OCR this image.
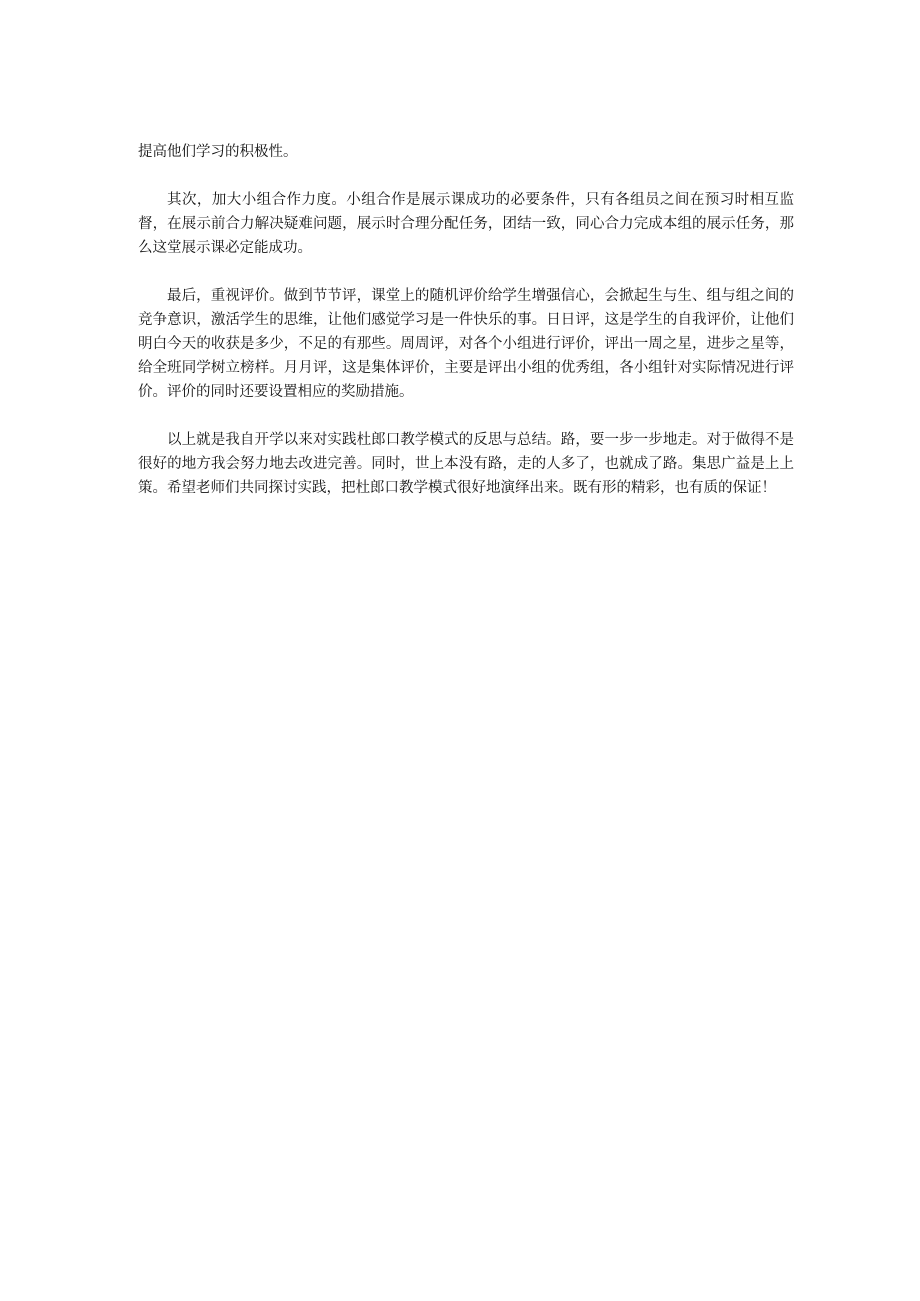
提高他们学习的积极性。

其次，加大小组合作力度。小组合作是展示课成功的必要条件，只有各组员之间在预习时相互监督，在展示前合力解决疑难问题，展示时合理分配任务，团结一致，同心合力完成本组的展示任务，那么这堂展示课必定能成功。

最后，重视评价。做到节节评，课堂上的随机评价给学生增强信心，会掀起生与生、组与组之间的竞争意识，激活学生的思维，让他们感觉学习是一件快乐的事。日日评，这是学生的自我评价，让他们明白今天的收获是多少，不足的有那些。周周评，对各个小组进行评价，评出一周之星，进步之星等，给全班同学树立榜样。月月评，这是集体评价，主要是评出小组的优秀组，各小组针对实际情况进行评价。评价的同时还要设置相应的奖励措施。

以上就是我自开学以来对实践杜郎口教学模式的反思与总结。路，要一步一步地走。对于做得不是很好的地方我会努力地去改进完善。同时，世上本没有路，走的人多了，也就成了路。集思广益是上上策。希望老师们共同探讨实践，把杜郎口教学模式很好地演绎出来。既有形的精彩，也有质的保证！
